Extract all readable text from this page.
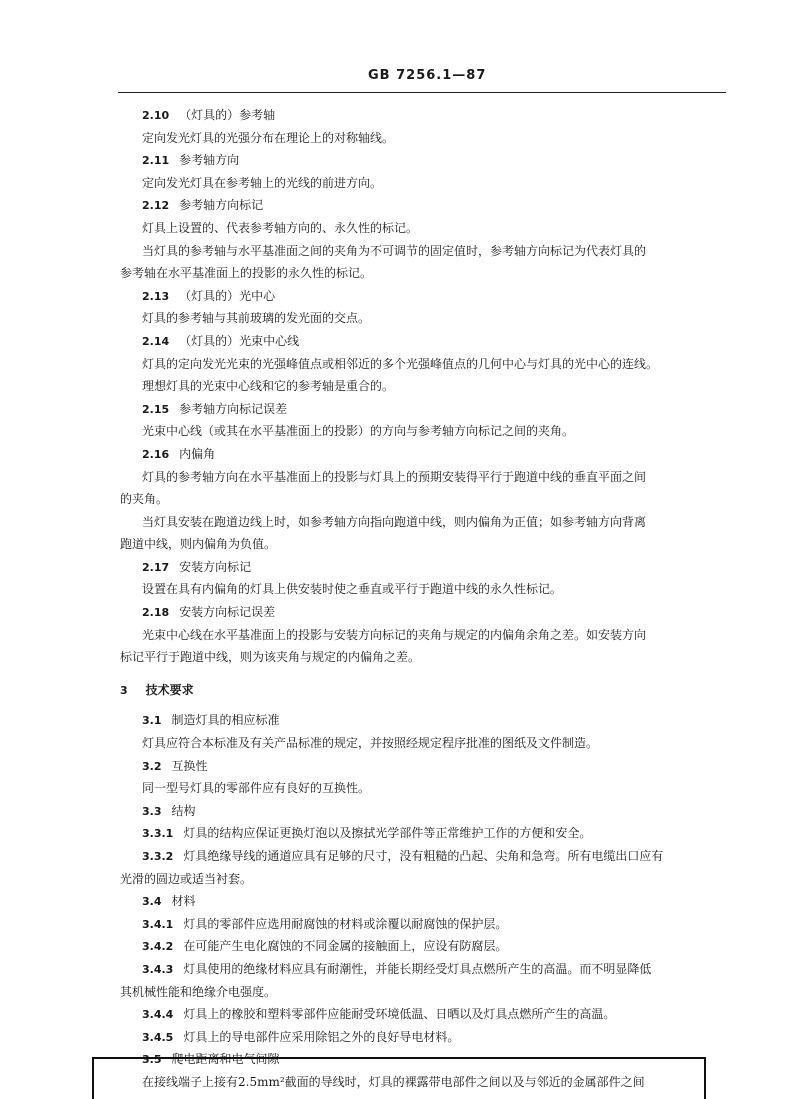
GB 7256.1—87
2.10 （灯具的）参考轴
定向发光灯具的光强分布在理论上的对称轴线。
2.11 参考轴方向
定向发光灯具在参考轴上的光线的前进方向。
2.12 参考轴方向标记
灯具上设置的、代表参考轴方向的、永久性的标记。
当灯具的参考轴与水平基准面之间的夹角为不可调节的固定值时，参考轴方向标记为代表灯具的
参考轴在水平基准面上的投影的永久性的标记。
2.13 （灯具的）光中心
灯具的参考轴与其前玻璃的发光面的交点。
2.14 （灯具的）光束中心线
灯具的定向发光光束的光强峰值点或相邻近的多个光强峰值点的几何中心与灯具的光中心的连线。
理想灯具的光束中心线和它的参考轴是重合的。
2.15 参考轴方向标记误差
光束中心线（或其在水平基准面上的投影）的方向与参考轴方向标记之间的夹角。
2.16 内偏角
灯具的参考轴方向在水平基准面上的投影与灯具上的预期安装得平行于跑道中线的垂直平面之间
的夹角。
当灯具安装在跑道边线上时，如参考轴方向指向跑道中线，则内偏角为正值；如参考轴方向背离
跑道中线，则内偏角为负值。
2.17 安装方向标记
设置在具有内偏角的灯具上供安装时使之垂直或平行于跑道中线的永久性标记。
2.18 安装方向标记误差
光束中心线在水平基准面上的投影与安装方向标记的夹角与规定的内偏角余角之差。如安装方向
标记平行于跑道中线，则为该夹角与规定的内偏角之差。
3 技术要求
3.1 制造灯具的相应标准
灯具应符合本标准及有关产品标准的规定，并按照经规定程序批准的图纸及文件制造。
3.2 互换性
同一型号灯具的零部件应有良好的互换性。
3.3 结构
3.3.1 灯具的结构应保证更换灯泡以及擦拭光学部件等正常维护工作的方便和安全。
3.3.2 灯具绝缘导线的通道应具有足够的尺寸，没有粗糙的凸起、尖角和急弯。所有电缆出口应有
光滑的圆边或适当衬套。
3.4 材料
3.4.1 灯具的零部件应选用耐腐蚀的材料或涂覆以耐腐蚀的保护层。
3.4.2 在可能产生电化腐蚀的不同金属的接触面上，应设有防腐层。
3.4.3 灯具使用的绝缘材料应具有耐潮性，并能长期经受灯具点燃所产生的高温。而不明显降低
其机械性能和绝缘介电强度。
3.4.4 灯具上的橡胶和塑料零部件应能耐受环境低温、日晒以及灯具点燃所产生的高温。
3.4.5 灯具上的导电部件应采用除铝之外的良好导电材料。
3.5 爬电距离和电气间隙
在接线端子上接有2.5mm²截面的导线时，灯具的裸露带电部件之间以及与邻近的金属部件之间
